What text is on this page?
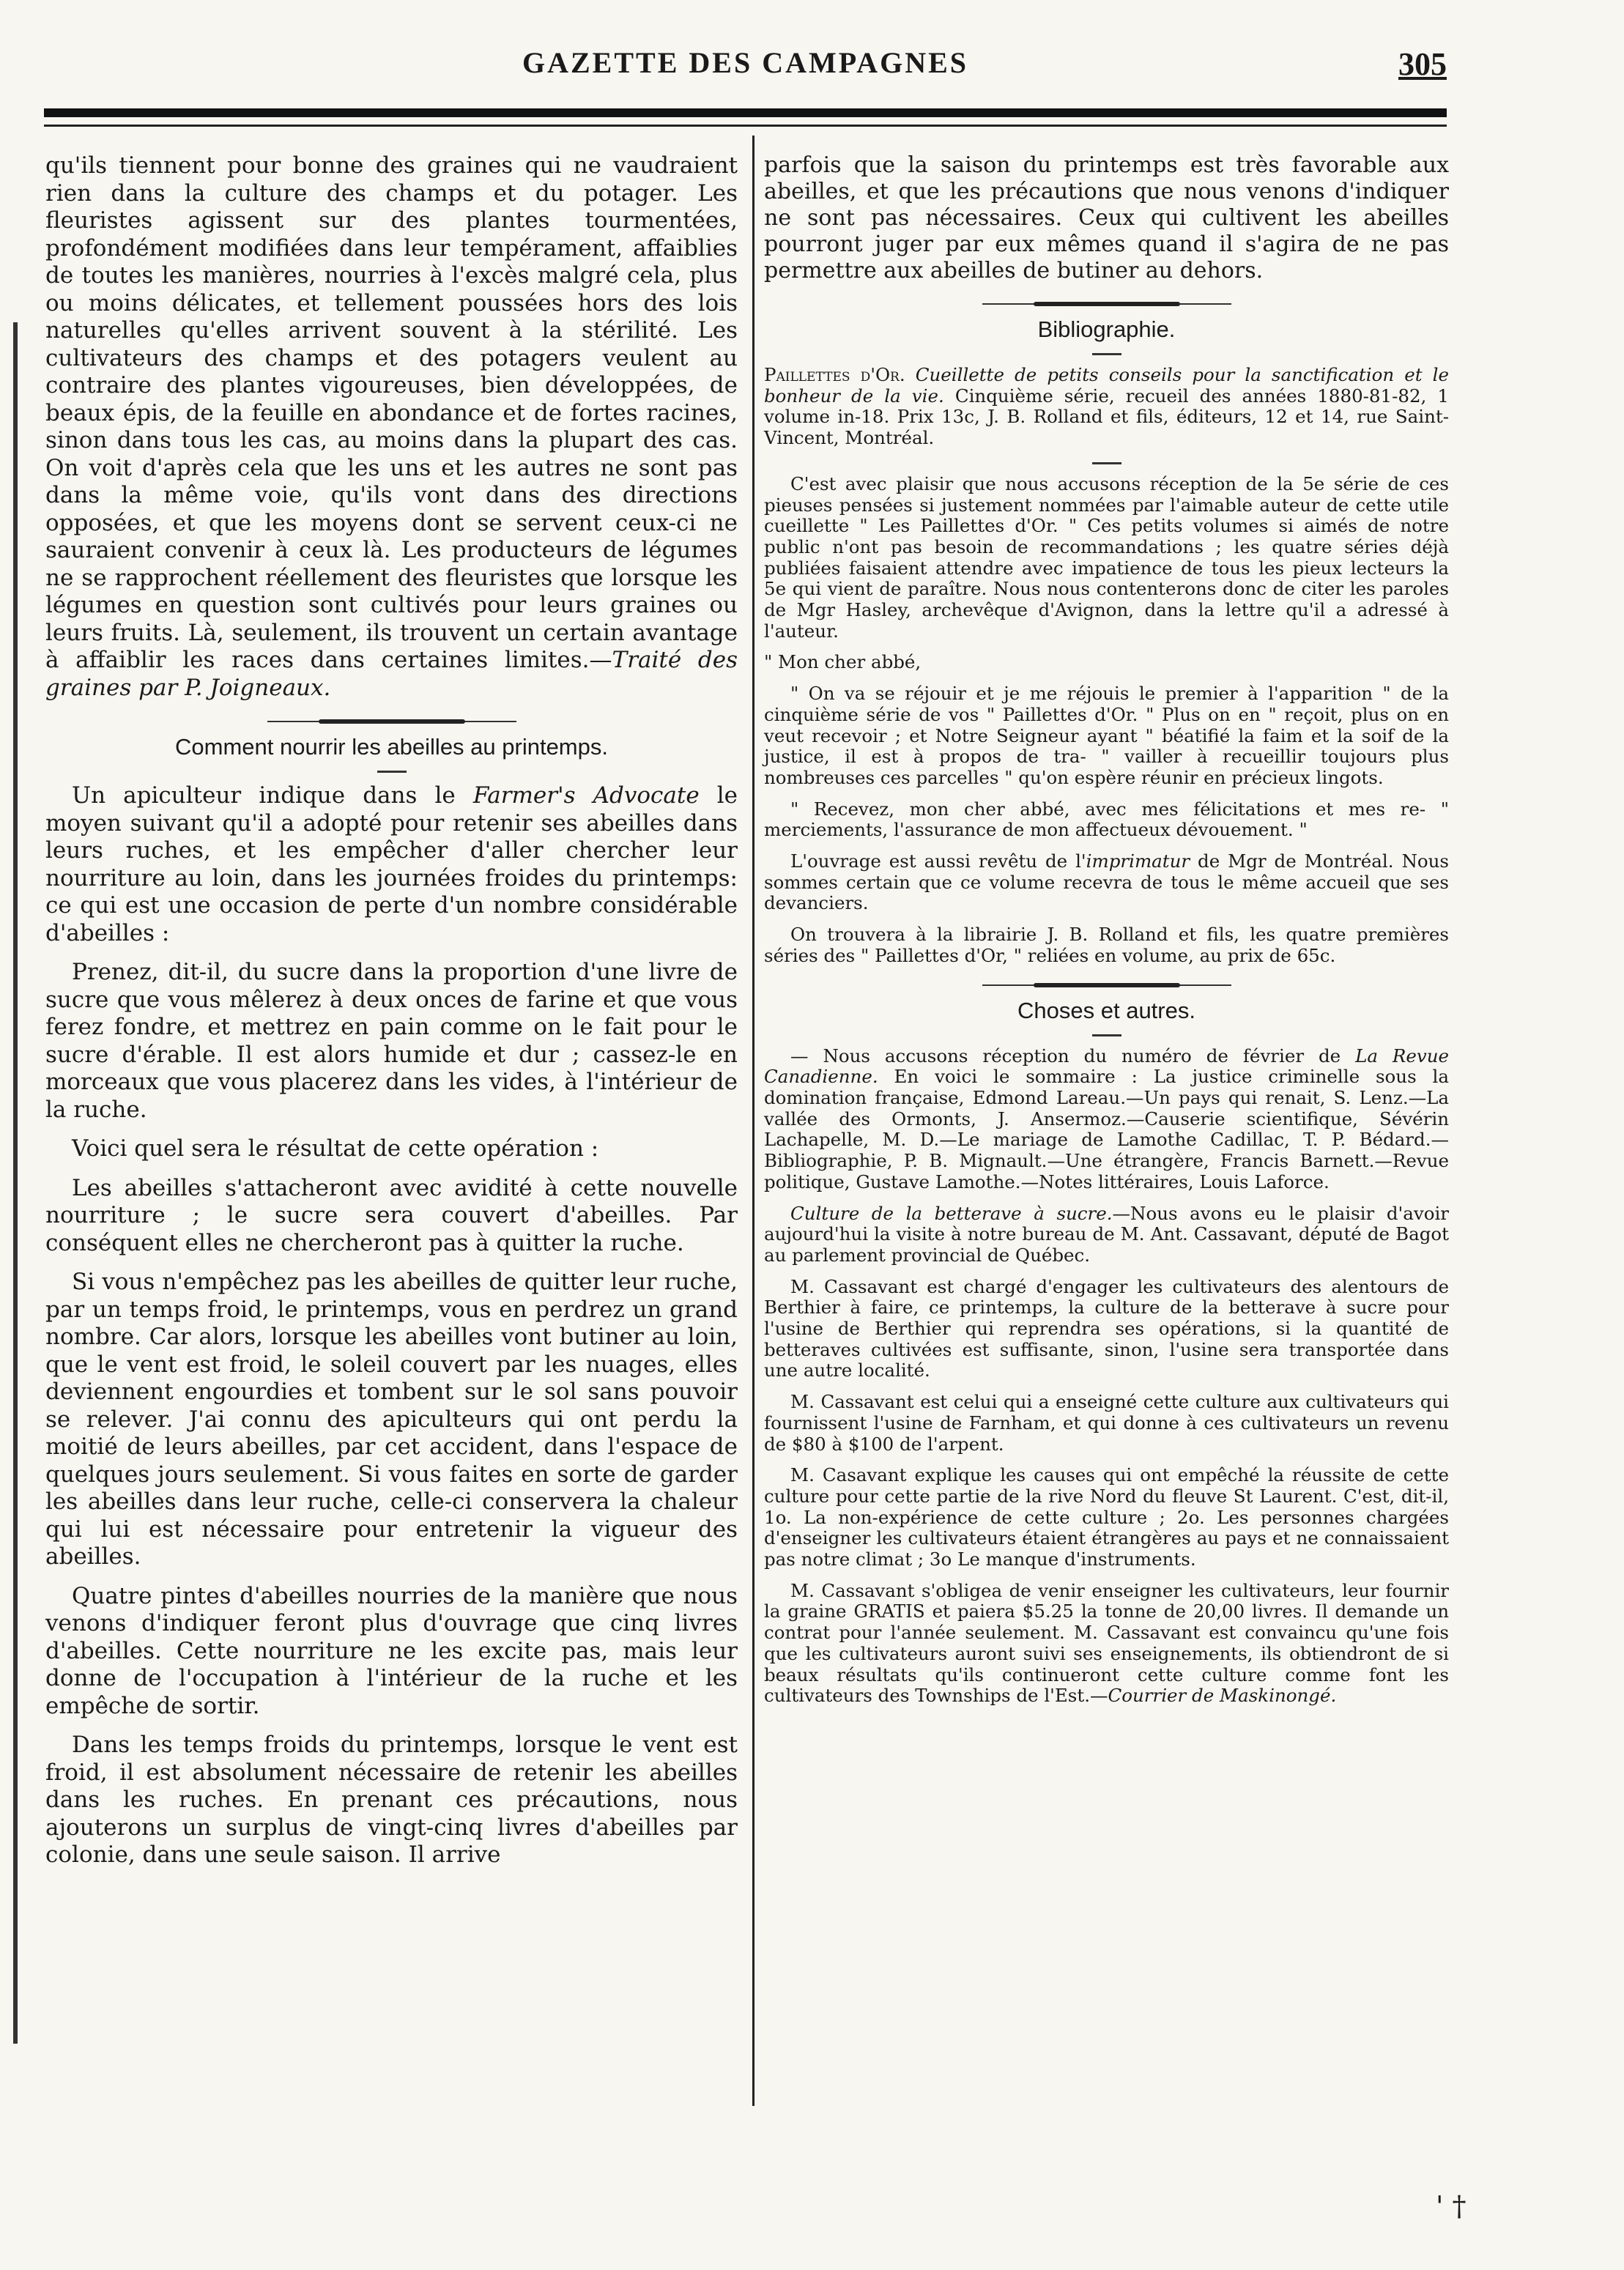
GAZETTE DES CAMPAGNES	305

qu'ils tiennent pour bonne des graines qui ne vaudraient rien dans la culture des champs et du potager. Les fleuristes agissent sur des plantes tourmentées, profondément modifiées dans leur tempérament, affaiblies de toutes les manières, nourries à l'excès malgré cela, plus ou moins délicates, et tellement poussées hors des lois naturelles qu'elles arrivent souvent à la stérilité. Les cultivateurs des champs et des potagers veulent au contraire des plantes vigoureuses, bien développées, de beaux épis, de la feuille en abondance et de fortes racines, sinon dans tous les cas, au moins dans la plupart des cas. On voit d'après cela que les uns et les autres ne sont pas dans la même voie, qu'ils vont dans des directions opposées, et que les moyens dont se servent ceux-ci ne sauraient convenir à ceux là. Les producteurs de légumes ne se rapprochent réellement des fleuristes que lorsque les légumes en question sont cultivés pour leurs graines ou leurs fruits. Là, seulement, ils trouvent un certain avantage à affaiblir les races dans certaines limites.—Traité des graines par P. Joigneaux.

Comment nourrir les abeilles au printemps.

Un apiculteur indique dans le Farmer's Advocate le moyen suivant qu'il a adopté pour retenir ses abeilles dans leurs ruches, et les empêcher d'aller chercher leur nourriture au loin, dans les journées froides du printemps: ce qui est une occasion de perte d'un nombre considérable d'abeilles :

Prenez, dit-il, du sucre dans la proportion d'une livre de sucre que vous mêlerez à deux onces de farine et que vous ferez fondre, et mettrez en pain comme on le fait pour le sucre d'érable. Il est alors humide et dur ; cassez-le en morceaux que vous placerez dans les vides, à l'intérieur de la ruche.

Voici quel sera le résultat de cette opération :

Les abeilles s'attacheront avec avidité à cette nouvelle nourriture ; le sucre sera couvert d'abeilles. Par conséquent elles ne chercheront pas à quitter la ruche.

Si vous n'empêchez pas les abeilles de quitter leur ruche, par un temps froid, le printemps, vous en perdrez un grand nombre. Car alors, lorsque les abeilles vont butiner au loin, que le vent est froid, le soleil couvert par les nuages, elles deviennent engourdies et tombent sur le sol sans pouvoir se relever. J'ai connu des apiculteurs qui ont perdu la moitié de leurs abeilles, par cet accident, dans l'espace de quelques jours seulement. Si vous faites en sorte de garder les abeilles dans leur ruche, celle-ci conservera la chaleur qui lui est nécessaire pour entretenir la vigueur des abeilles.

Quatre pintes d'abeilles nourries de la manière que nous venons d'indiquer feront plus d'ouvrage que cinq livres d'abeilles. Cette nourriture ne les excite pas, mais leur donne de l'occupation à l'intérieur de la ruche et les empêche de sortir.

Dans les temps froids du printemps, lorsque le vent est froid, il est absolument nécessaire de retenir les abeilles dans les ruches. En prenant ces précautions, nous ajouterons un surplus de vingt-cinq livres d'abeilles par colonie, dans une seule saison. Il arrive

parfois que la saison du printemps est très favorable aux abeilles, et que les précautions que nous venons d'indiquer ne sont pas nécessaires. Ceux qui cultivent les abeilles pourront juger par eux mêmes quand il s'agira de ne pas permettre aux abeilles de butiner au dehors.

Bibliographie.

Paillettes d'Or. Cueillette de petits conseils pour la sanctification et le bonheur de la vie. Cinquième série, recueil des années 1880-81-82, 1 volume in-18. Prix 13c, J. B. Rolland et fils, éditeurs, 12 et 14, rue Saint-Vincent, Montréal.

C'est avec plaisir que nous accusons réception de la 5e série de ces pieuses pensées si justement nommées par l'aimable auteur de cette utile cueillette " Les Paillettes d'Or. " Ces petits volumes si aimés de notre public n'ont pas besoin de recommandations ; les quatre séries déjà publiées faisaient attendre avec impatience de tous les pieux lecteurs la 5e qui vient de paraître. Nous nous contenterons donc de citer les paroles de Mgr Hasley, archevêque d'Avignon, dans la lettre qu'il a adressé à l'auteur.

" Mon cher abbé,

" On va se réjouir et je me réjouis le premier à l'apparition " de la cinquième série de vos " Paillettes d'Or. " Plus on en " reçoit, plus on en veut recevoir ; et Notre Seigneur ayant " béatifié la faim et la soif de la justice, il est à propos de tra- " vailler à recueillir toujours plus nombreuses ces parcelles " qu'on espère réunir en précieux lingots.

" Recevez, mon cher abbé, avec mes félicitations et mes re- " merciements, l'assurance de mon affectueux dévouement. "

L'ouvrage est aussi revêtu de l'imprimatur de Mgr de Montréal. Nous sommes certain que ce volume recevra de tous le même accueil que ses devanciers.

On trouvera à la librairie J. B. Rolland et fils, les quatre premières séries des " Paillettes d'Or, " reliées en volume, au prix de 65c.

Choses et autres.

— Nous accusons réception du numéro de février de La Revue Canadienne. En voici le sommaire : La justice criminelle sous la domination française, Edmond Lareau.—Un pays qui renait, S. Lenz.—La vallée des Ormonts, J. Ansermoz.—Causerie scientifique, Sévérin Lachapelle, M. D.—Le mariage de Lamothe Cadillac, T. P. Bédard.—Bibliographie, P. B. Mignault.—Une étrangère, Francis Barnett.—Revue politique, Gustave Lamothe.—Notes littéraires, Louis Laforce.

Culture de la betterave à sucre.—Nous avons eu le plaisir d'avoir aujourd'hui la visite à notre bureau de M. Ant. Cassavant, député de Bagot au parlement provincial de Québec.

M. Cassavant est chargé d'engager les cultivateurs des alentours de Berthier à faire, ce printemps, la culture de la betterave à sucre pour l'usine de Berthier qui reprendra ses opérations, si la quantité de betteraves cultivées est suffisante, sinon, l'usine sera transportée dans une autre localité.

M. Cassavant est celui qui a enseigné cette culture aux cultivateurs qui fournissent l'usine de Farnham, et qui donne à ces cultivateurs un revenu de $80 à $100 de l'arpent.

M. Casavant explique les causes qui ont empêché la réussite de cette culture pour cette partie de la rive Nord du fleuve St Laurent. C'est, dit-il, 1o. La non-expérience de cette culture ; 2o. Les personnes chargées d'enseigner les cultivateurs étaient étrangères au pays et ne connaissaient pas notre climat ; 3o Le manque d'instruments.

M. Cassavant s'obligea de venir enseigner les cultivateurs, leur fournir la graine GRATIS et paiera $5.25 la tonne de 20,00 livres. Il demande un contrat pour l'année seulement. M. Cassavant est convaincu qu'une fois que les cultivateurs auront suivi ses enseignements, ils obtiendront de si beaux résultats qu'ils continueront cette culture comme font les cultivateurs des Townships de l'Est.—Courrier de Maskinongé.

' †
